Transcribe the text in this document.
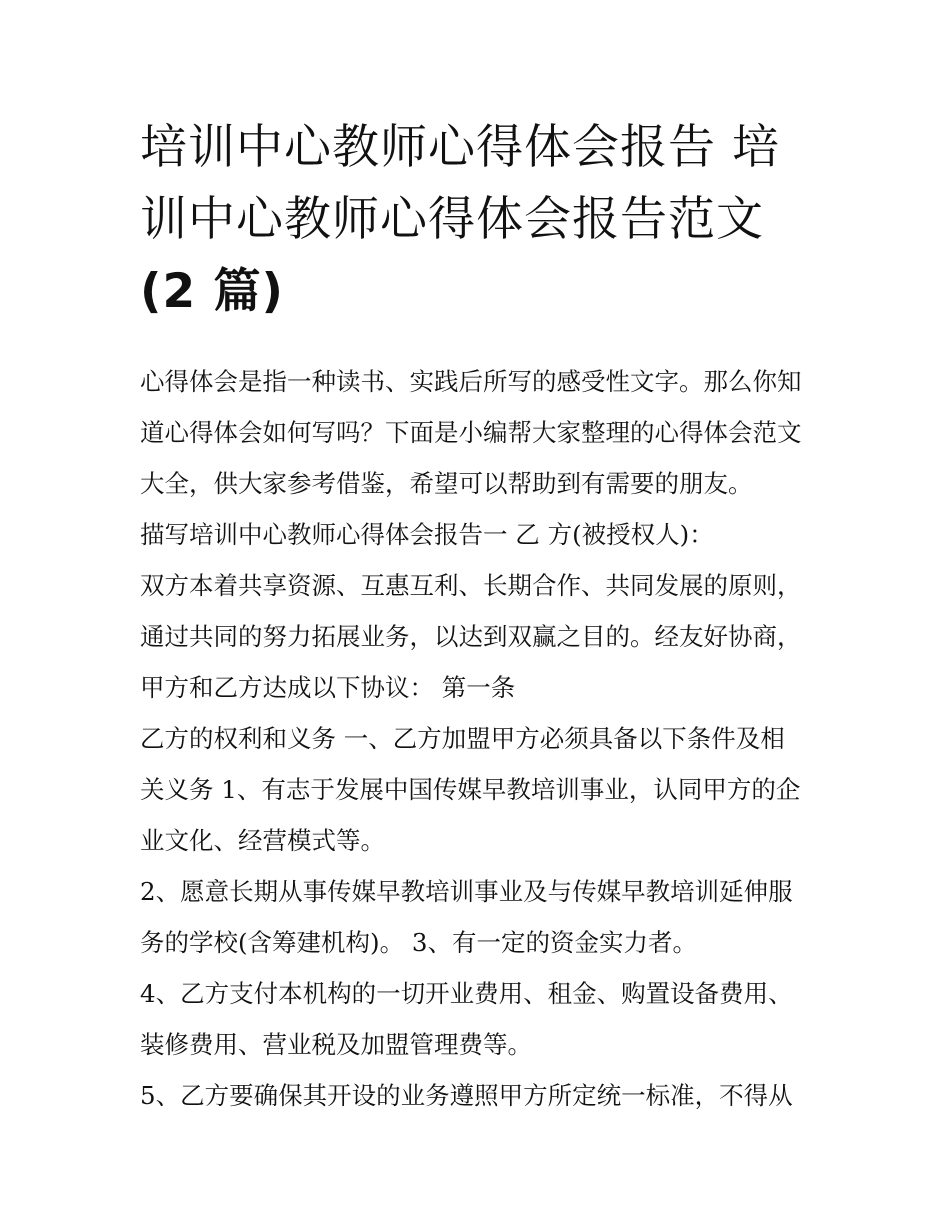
培训中心教师心得体会报告 培
训中心教师心得体会报告范文
(2 篇)

心得体会是指一种读书、实践后所写的感受性文字。那么你知
道心得体会如何写吗？下面是小编帮大家整理的心得体会范文
大全，供大家参考借鉴，希望可以帮助到有需要的朋友。

描写培训中心教师心得体会报告一 乙 方(被授权人)：

双方本着共享资源、互惠互利、长期合作、共同发展的原则，
通过共同的努力拓展业务，以达到双赢之目的。经友好协商，
甲方和乙方达成以下协议： 第一条

乙方的权利和义务 一、乙方加盟甲方必须具备以下条件及相
关义务 1、有志于发展中国传媒早教培训事业，认同甲方的企
业文化、经营模式等。

2、愿意长期从事传媒早教培训事业及与传媒早教培训延伸服
务的学校(含筹建机构)。 3、有一定的资金实力者。

4、乙方支付本机构的一切开业费用、租金、购置设备费用、
装修费用、营业税及加盟管理费等。

5、乙方要确保其开设的业务遵照甲方所定统一标准，不得从
